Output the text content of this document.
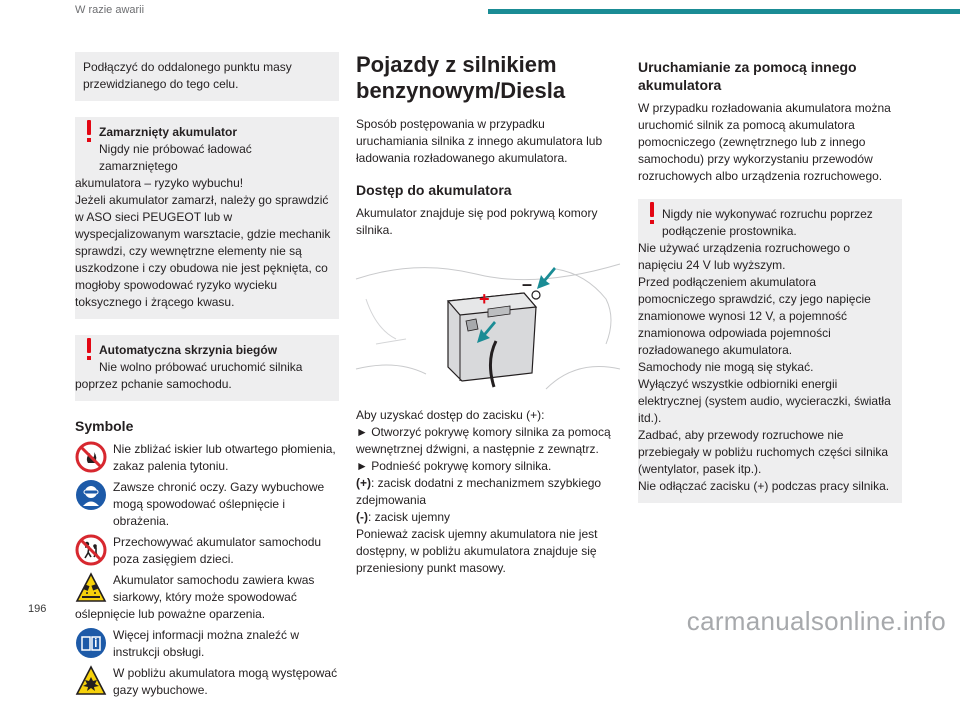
W razie awarii
Podłączyć do oddalonego punktu masy przewidzianego do tego celu.
Zamarznięty akumulator
Nigdy nie próbować ładować zamarzniętego
akumulatora – ryzyko wybuchu!
Jeżeli akumulator zamarzł, należy go sprawdzić w ASO sieci PEUGEOT lub w wyspecjalizowanym warsztacie, gdzie mechanik sprawdzi, czy wewnętrzne elementy nie są uszkodzone i czy obudowa nie jest pęknięta, co mogłoby spowodować ryzyko wycieku toksycznego i żrącego kwasu.
Automatyczna skrzynia biegów
Nie wolno próbować uruchomić silnika
poprzez pchanie samochodu.
Symbole
Nie zbliżać iskier lub otwartego płomienia, zakaz palenia tytoniu.
Zawsze chronić oczy. Gazy wybuchowe mogą spowodować oślepnięcie i obrażenia.
Przechowywać akumulator samochodu poza zasięgiem dzieci.
Akumulator samochodu zawiera kwas siarkowy, który może spowodować
oślepnięcie lub poważne oparzenia.
Więcej informacji można znaleźć w instrukcji obsługi.
W pobliżu akumulatora mogą występować gazy wybuchowe.
Pojazdy z silnikiem benzynowym/Diesla

Sposób postępowania w przypadku uruchamiania silnika z innego akumulatora lub ładowania rozładowanego akumulatora.

Dostęp do akumulatora

Akumulator znajduje się pod pokrywą komory silnika.

+
–

Aby uzyskać dostęp do zacisku (+):

► Otworzyć pokrywę komory silnika za pomocą wewnętrznej dźwigni, a następnie z zewnątrz.

► Podnieść pokrywę komory silnika.

(+): zacisk dodatni z mechanizmem szybkiego zdejmowania

(-): zacisk ujemny

Ponieważ zacisk ujemny akumulatora nie jest dostępny, w pobliżu akumulatora znajduje się przeniesiony punkt masowy.

Uruchamianie za pomocą innego akumulatora

W przypadku rozładowania akumulatora można uruchomić silnik za pomocą akumulatora pomocniczego (zewnętrznego lub z innego samochodu) przy wykorzystaniu przewodów rozruchowych albo urządzenia rozruchowego.

Nigdy nie wykonywać rozruchu poprzez podłączenie prostownika.
Nie używać urządzenia rozruchowego o napięciu 24 V lub wyższym.
Przed podłączeniem akumulatora pomocniczego sprawdzić, czy jego napięcie znamionowe wynosi 12 V, a pojemność znamionowa odpowiada pojemności rozładowanego akumulatora.
Samochody nie mogą się stykać.
Wyłączyć wszystkie odbiorniki energii elektrycznej (system audio, wycieraczki, światła itd.).
Zadbać, aby przewody rozruchowe nie przebiegały w pobliżu ruchomych części silnika (wentylator, pasek itp.).
Nie odłączać zacisku (+) podczas pracy silnika.
196	carmanualsonline.info
